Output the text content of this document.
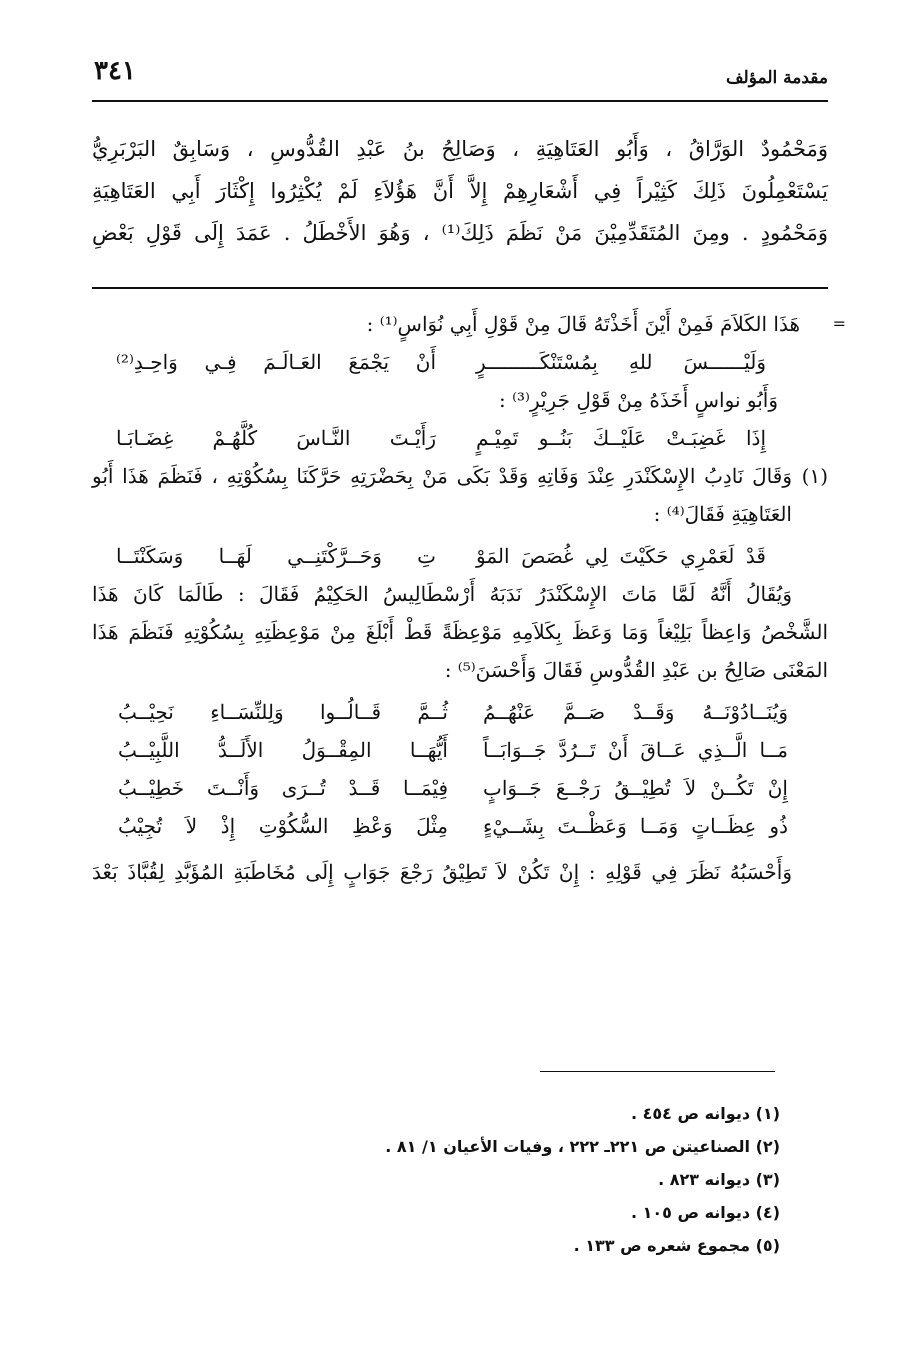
مقدمة المؤلف
٣٤١

وَمَحْمُودٌ الوَرَّاقُ ، وَأَبُو العَتَاهِيَةِ ، وَصَالِحُ بنُ عَبْدِ القُدُّوسِ ، وَسَابِقٌ البَرْبَرِيُّ

يَسْتَعْمِلُونَ ذَلِكَ كَثِيْراً فِي أَشْعَارِهِمْ إِلاَّ أَنَّ هَؤُلاَءِ لَمْ يُكْثِرُوا إِكْثَارَ أَبِي العَتَاهِيَةِ

وَمَحْمُودٍ . ومِنَ المُتَقَدِّمِيْنَ مَنْ نَظَمَ ذَلِكَ⁽¹⁾ ، وَهُوَ الأَخْطَلُ . عَمَدَ إِلَى قَوْلِ بَعْضِ

=
هَذَا الكَلاَمَ فَمِنْ أَيْنَ أَخَذْتَهُ قَالَ مِنْ قَوْلِ أَبِي نُوَاسٍ⁽¹⁾ :
وَلَيْــــــسَ للهِ بِمُسْتَنْكَـــــــــرٍ
أَنْ يَجْمَعَ العَـالَـمَ فِـي وَاحِـدِ⁽²⁾
وَأَبُو نواسٍ أَخَذَهُ مِنْ قَوْلِ جَرِيْرٍ⁽³⁾ :
إِذَا غَضِبَـتْ عَلَيْــكَ بَنُــو تَمِيْـمٍ
رَأَيْـتَ النَّـاسَ كُلَّهُـمْ غِضَـابَـا
(١)
وَقَالَ نَادِبُ الإِسْكَنْدَرِ عِنْدَ وَفَاتِهِ وَقَدْ بَكَى مَنْ بِحَضْرَتِهِ حَرَّكَنَا بِسُكُوْتِهِ ، فَنَظَمَ هَذَا أَبُو
العَتَاهِيَةِ فَقَالَ⁽⁴⁾ :
قَدْ لَعَمْرِي حَكَيْتَ لِي غُصَصَ المَوْ
تِ وَحَــرَّكْتَنِــي لَهَــا وَسَكَنْتَــا
وَيُقَالُ أَنَّهُ لَمَّا مَاتَ الإِسْكَنْدَرُ نَدَبَهُ أَرْسْطَالِيسُ الحَكِيْمُ فَقَالَ : طَالَمَا كَانَ هَذَا
الشَّخْصُ وَاعِظاً بَلِيْغاً وَمَا وَعَظَ بِكَلاَمِهِ مَوْعِظَةً قَطْ أَبْلَغَ مِنْ مَوْعِظَتِهِ بِسُكُوْتِهِ فَنَظَمَ هَذَا
المَعْنَى صَالِحُ بن عَبْدِ القُدُّوسِ فَقَالَ وَأَحْسَنَ⁽⁵⁾ :
وَيُنَــادُوْنَــهُ وَقَــدْ صَــمَّ عَنْهُــمُ
ثُــمَّ قَــالُــوا وَلِلنِّسَــاءِ نَحِيْــبُ
مَــا الَّــذِي عَــاقَ أَنْ تَــرُدَّ جَــوَابَــاً
أَيُّهَــا المِقْــوَلُ الأَلَــدُّ اللَّبِيْــبُ
إِنْ تَكُــنْ لاَ تُطِيْــقُ رَجْــعَ جَــوَابٍ
فِيْمَــا قَــدْ تُــرَى وَأَنْــتَ خَطِيْــبُ
ذُو عِظَــاتٍ وَمَــا وَعَظْــتَ بِشَــيْءٍ
مِثْلَ وَعْظِ السُّكُوْتِ إِذْ لاَ تُجِيْبُ
وَأَحْسَبُهُ نَظَرَ فِي قَوْلِهِ : إِنْ تَكُنْ لاَ تَطِيْقُ رَجْعَ جَوَابٍ إِلَى مُخَاطَبَةِ المُؤَبَّدِ لِقُبَّاذَ بَعْدَ
(١) ديوانه ص ٤٥٤ .
(٢) الصناعيتن ص ٢٢١ـ ٢٢٢ ، وفيات الأعيان ١/ ٨١ .
(٣) ديوانه ٨٢٣ .
(٤) ديوانه ص ١٠٥ .
(٥) مجموع شعره ص ١٣٣ .
